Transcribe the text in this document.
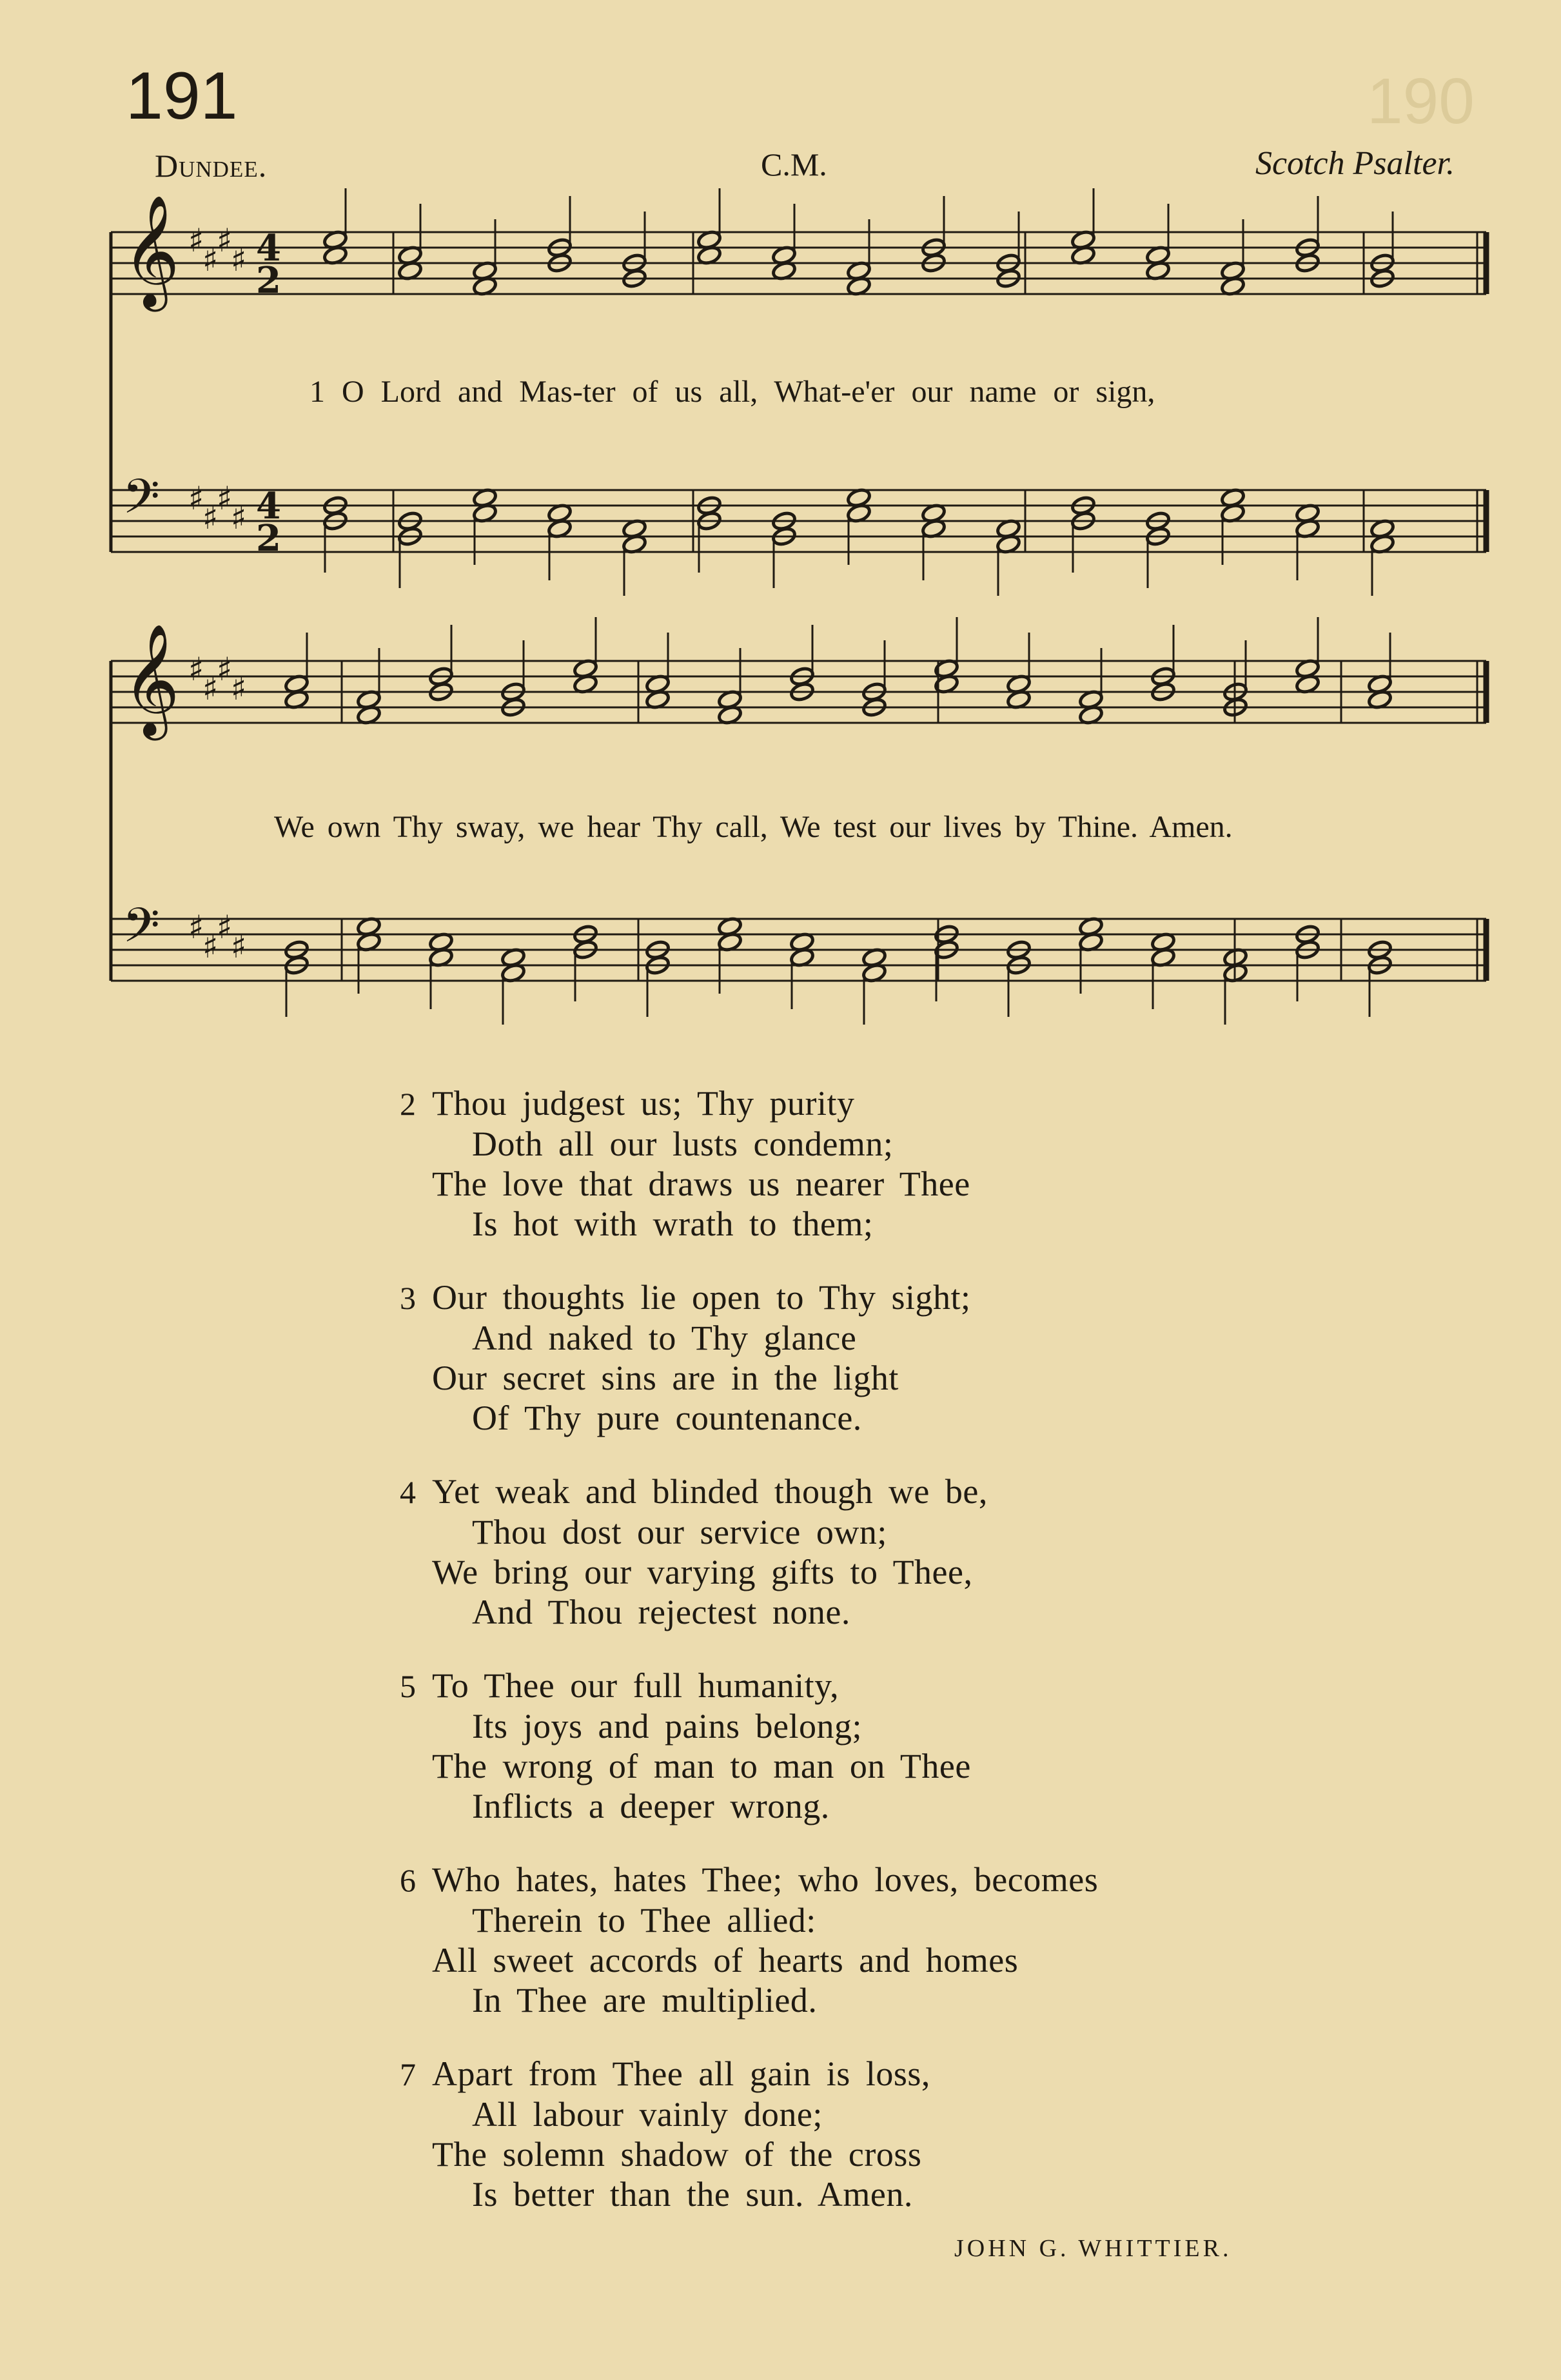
190
191
Dundee.	C.M.	Scotch Psalter.
𝄞 ♯
♯
♯
♯ 4
2
𝄢 ♯
♯
♯
♯ 4
2
𝄞 ♯
♯
♯
♯
𝄢 ♯
♯
♯
♯
1 O Lord and Mas-ter of us all, What-e'er our name or sign,
We own Thy sway, we hear Thy call, We test our lives by Thine. Amen.
2 Thou judgest us; Thy purity
Doth all our lusts condemn;
The love that draws us nearer Thee
Is hot with wrath to them;
3 Our thoughts lie open to Thy sight;
And naked to Thy glance
Our secret sins are in the light
Of Thy pure countenance.
4 Yet weak and blinded though we be,
Thou dost our service own;
We bring our varying gifts to Thee,
And Thou rejectest none.
5 To Thee our full humanity,
Its joys and pains belong;
The wrong of man to man on Thee
Inflicts a deeper wrong.
6 Who hates, hates Thee; who loves, becomes
Therein to Thee allied:
All sweet accords of hearts and homes
In Thee are multiplied.
7 Apart from Thee all gain is loss,
All labour vainly done;
The solemn shadow of the cross
Is better than the sun. Amen.
JOHN G. WHITTIER.
